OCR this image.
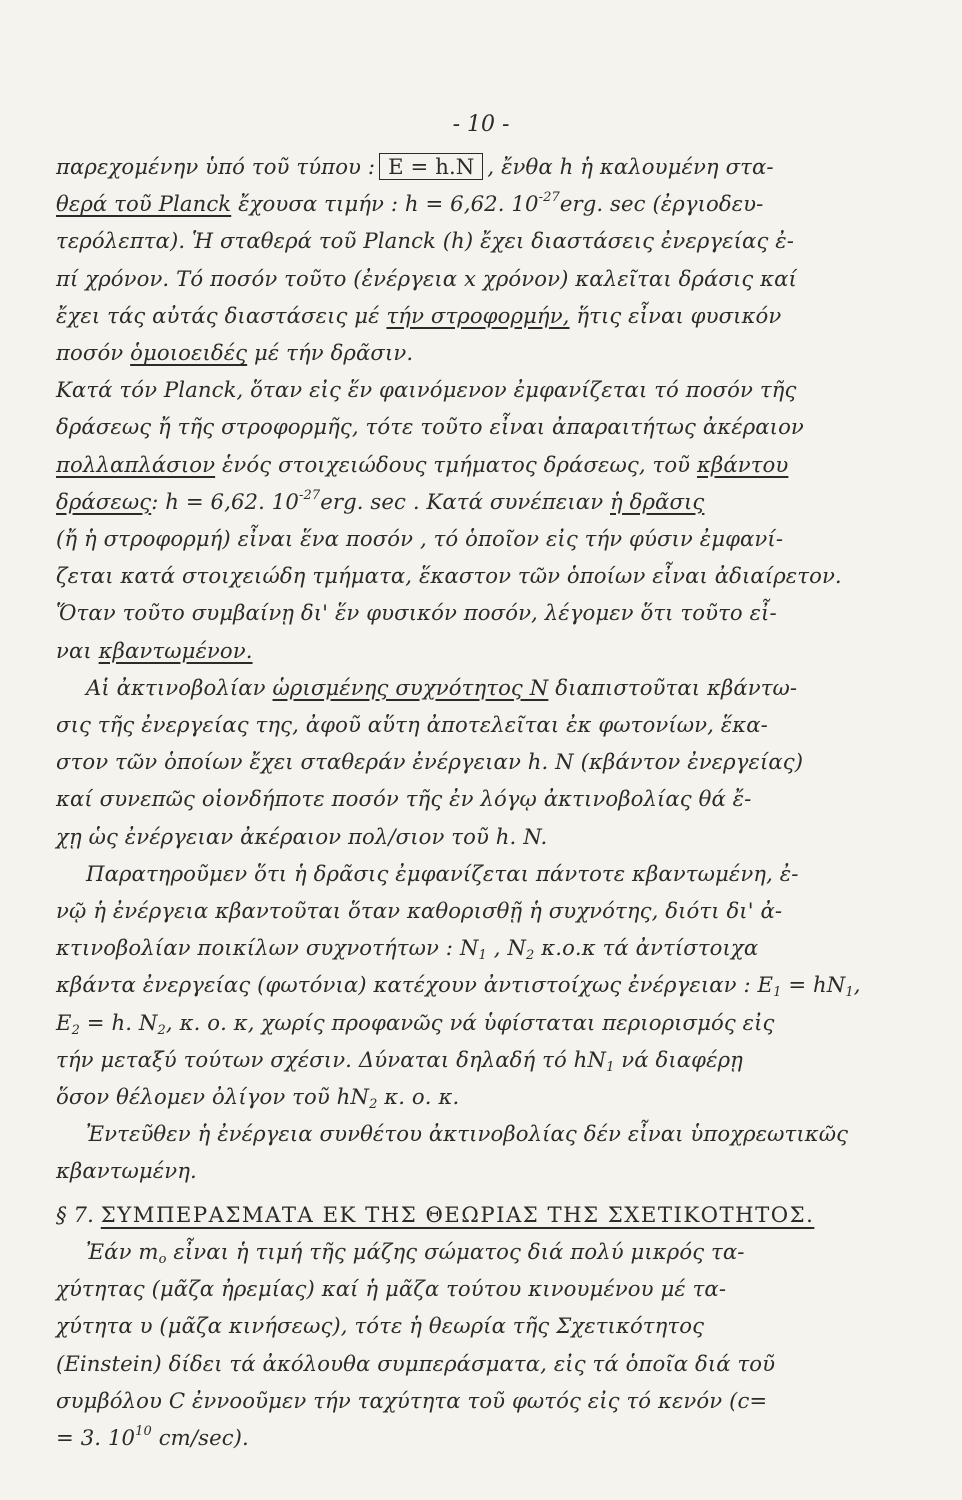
- 10 -
παρεχομένην ὑπό τοῦ τύπου : E = h.N , ἔνθα h ἡ καλουμένη στα-
θερά τοῦ Planck ἔχουσα τιμήν : h = 6,62. $10^{-27}erg$. sec (ἐργιοδευ-
τερόλεπτα). Ἡ σταθερά τοῦ Planck (h) ἔχει διαστάσεις ἐνεργείας ἐ-
πί χρόνον. Τό ποσόν τοῦτο (ἐνέργεια x χρόνον) καλεῖται δράσις καί
ἔχει τάς αὐτάς διαστάσεις μέ τήν στροφορμήν, ἥτις εἶναι φυσικόν
ποσόν ὁμοιοειδές μέ τήν δρᾶσιν.
Κατά τόν Planck, ὅταν εἰς ἕν φαινόμενον ἐμφανίζεται τό ποσόν τῆς
δράσεως ἤ τῆς στροφορμῆς, τότε τοῦτο εἶναι ἀπαραιτήτως ἀκέραιον
πολλαπλάσιον ἑνός στοιχειώδους τμήματος δράσεως, τοῦ κβάντου
δράσεως: h = 6,62. $10^{-27}erg$. sec . Κατά συνέπειαν ἡ δρᾶσις
(ἤ ἡ στροφορμή) εἶναι ἕνα ποσόν , τό ὁποῖον εἰς τήν φύσιν ἐμφανί-
ζεται κατά στοιχειώδη τμήματα, ἕκαστον τῶν ὁποίων εἶναι ἀδιαίρετον.
Ὅταν τοῦτο συμβαίνῃ δι' ἕν φυσικόν ποσόν, λέγομεν ὅτι τοῦτο εἶ-
ναι κβαντωμένον.
Αἱ ἀκτινοβολίαν ὡρισμένης συχνότητος N διαπιστοῦται κβάντω-
σις τῆς ἐνεργείας της, ἀφοῦ αὕτη ἀποτελεῖται ἐκ φωτονίων, ἕκα-
στον τῶν ὁποίων ἔχει σταθεράν ἐνέργειαν h. N (κβάντον ἐνεργείας)
καί συνεπῶς οἱονδήποτε ποσόν τῆς ἐν λόγῳ ἀκτινοβολίας θά ἔ-
χῃ ὡς ἐνέργειαν ἀκέραιον πολ/σιον τοῦ h. N.
Παρατηροῦμεν ὅτι ἡ δρᾶσις ἐμφανίζεται πάντοτε κβαντωμένη, ἐ-
νῷ ἡ ἐνέργεια κβαντοῦται ὅταν καθορισθῇ ἡ συχνότης, διότι δι' ἀ-
κτινοβολίαν ποικίλων συχνοτήτων : $N_1$ , $N_2$ κ.ο.κ τά ἀντίστοιχα
κβάντα ἐνεργείας (φωτόνια) κατέχουν ἀντιστοίχως ἐνέργειαν : $E_1 = hN_1$,
$E_2 = h$. $N_2$, κ. ο. κ, χωρίς προφανῶς νά ὑφίσταται περιορισμός εἰς
τήν μεταξύ τούτων σχέσιν. Δύναται δηλαδή τό $hN_1$ νά διαφέρῃ
ὅσον θέλομεν ὀλίγον τοῦ $hN_2$ κ. ο. κ.
Ἐντεῦθεν ἡ ἐνέργεια συνθέτου ἀκτινοβολίας δέν εἶναι ὑποχρεωτικῶς
κβαντωμένη.
§ 7. ΣΥΜΠΕΡΑΣΜΑΤΑ ΕΚ ΤΗΣ ΘΕΩΡΙΑΣ ΤΗΣ ΣΧΕΤΙΚΟΤΗΤΟΣ.
Ἐάν $m_o$ εἶναι ἡ τιμή τῆς μάζης σώματος διά πολύ μικρός τα-
χύτητας (μᾶζα ἠρεμίας) καί ἡ μᾶζα τούτου κινουμένου μέ τα-
χύτητα υ (μᾶζα κινήσεως), τότε ἡ θεωρία τῆς Σχετικότητος
(Einstein) δίδει τά ἀκόλουθα συμπεράσματα, εἰς τά ὁποῖα διά τοῦ
συμβόλου C ἐννοοῦμεν τήν ταχύτητα τοῦ φωτός εἰς τό κενόν (c=
= 3. $10^{10}$ cm/sec).
